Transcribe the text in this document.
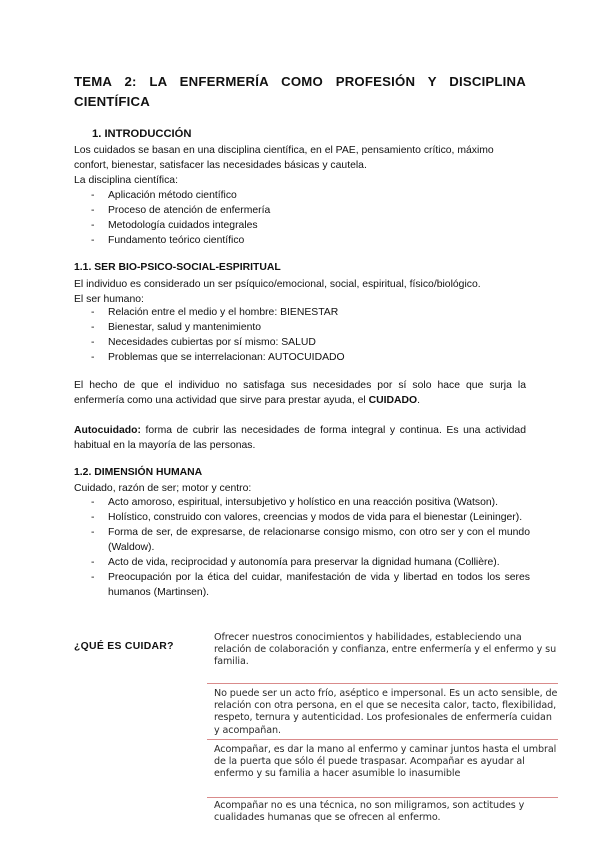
TEMA 2: LA ENFERMERÍA COMO PROFESIÓN Y DISCIPLINA CIENTÍFICA
1. INTRODUCCIÓN
Los cuidados se basan en una disciplina científica, en el PAE, pensamiento crítico, máximo confort, bienestar, satisfacer las necesidades básicas y cautela.
La disciplina científica:
- Aplicación método científico
- Proceso de atención de enfermería
- Metodología cuidados integrales
- Fundamento teórico científico
1.1. SER BIO-PSICO-SOCIAL-ESPIRITUAL
El individuo es considerado un ser psíquico/emocional, social, espiritual, físico/biológico.
El ser humano:
- Relación entre el medio y el hombre: BIENESTAR
- Bienestar, salud y mantenimiento
- Necesidades cubiertas por sí mismo: SALUD
- Problemas que se interrelacionan: AUTOCUIDADO
El hecho de que el individuo no satisfaga sus necesidades por sí solo hace que surja la enfermería como una actividad que sirve para prestar ayuda, el CUIDADO.
Autocuidado: forma de cubrir las necesidades de forma integral y continua. Es una actividad habitual en la mayoría de las personas.
1.2. DIMENSIÓN HUMANA
Cuidado, razón de ser; motor y centro:
- Acto amoroso, espiritual, intersubjetivo y holístico en una reacción positiva (Watson).
- Holístico, construido con valores, creencias y modos de vida para el bienestar (Leininger).
- Forma de ser, de expresarse, de relacionarse consigo mismo, con otro ser y con el mundo (Waldow).
- Acto de vida, reciprocidad y autonomía para preservar la dignidad humana (Collière).
- Preocupación por la ética del cuidar, manifestación de vida y libertad en todos los seres humanos (Martinsen).
¿QUÉ ES CUIDAR?
Ofrecer nuestros conocimientos y habilidades, estableciendo una relación de colaboración y confianza, entre enfermería y el enfermo y su familia.
No puede ser un acto frío, aséptico e impersonal. Es un acto sensible, de relación con otra persona, en el que se necesita calor, tacto, flexibilidad, respeto, ternura y autenticidad. Los profesionales de enfermería cuidan y acompañan.
Acompañar, es dar la mano al enfermo y caminar juntos hasta el umbral de la puerta que sólo él puede traspasar. Acompañar es ayudar al enfermo y su familia a hacer asumible lo inasumible
Acompañar no es una técnica, no son miligramos, son actitudes y cualidades humanas que se ofrecen al enfermo.
